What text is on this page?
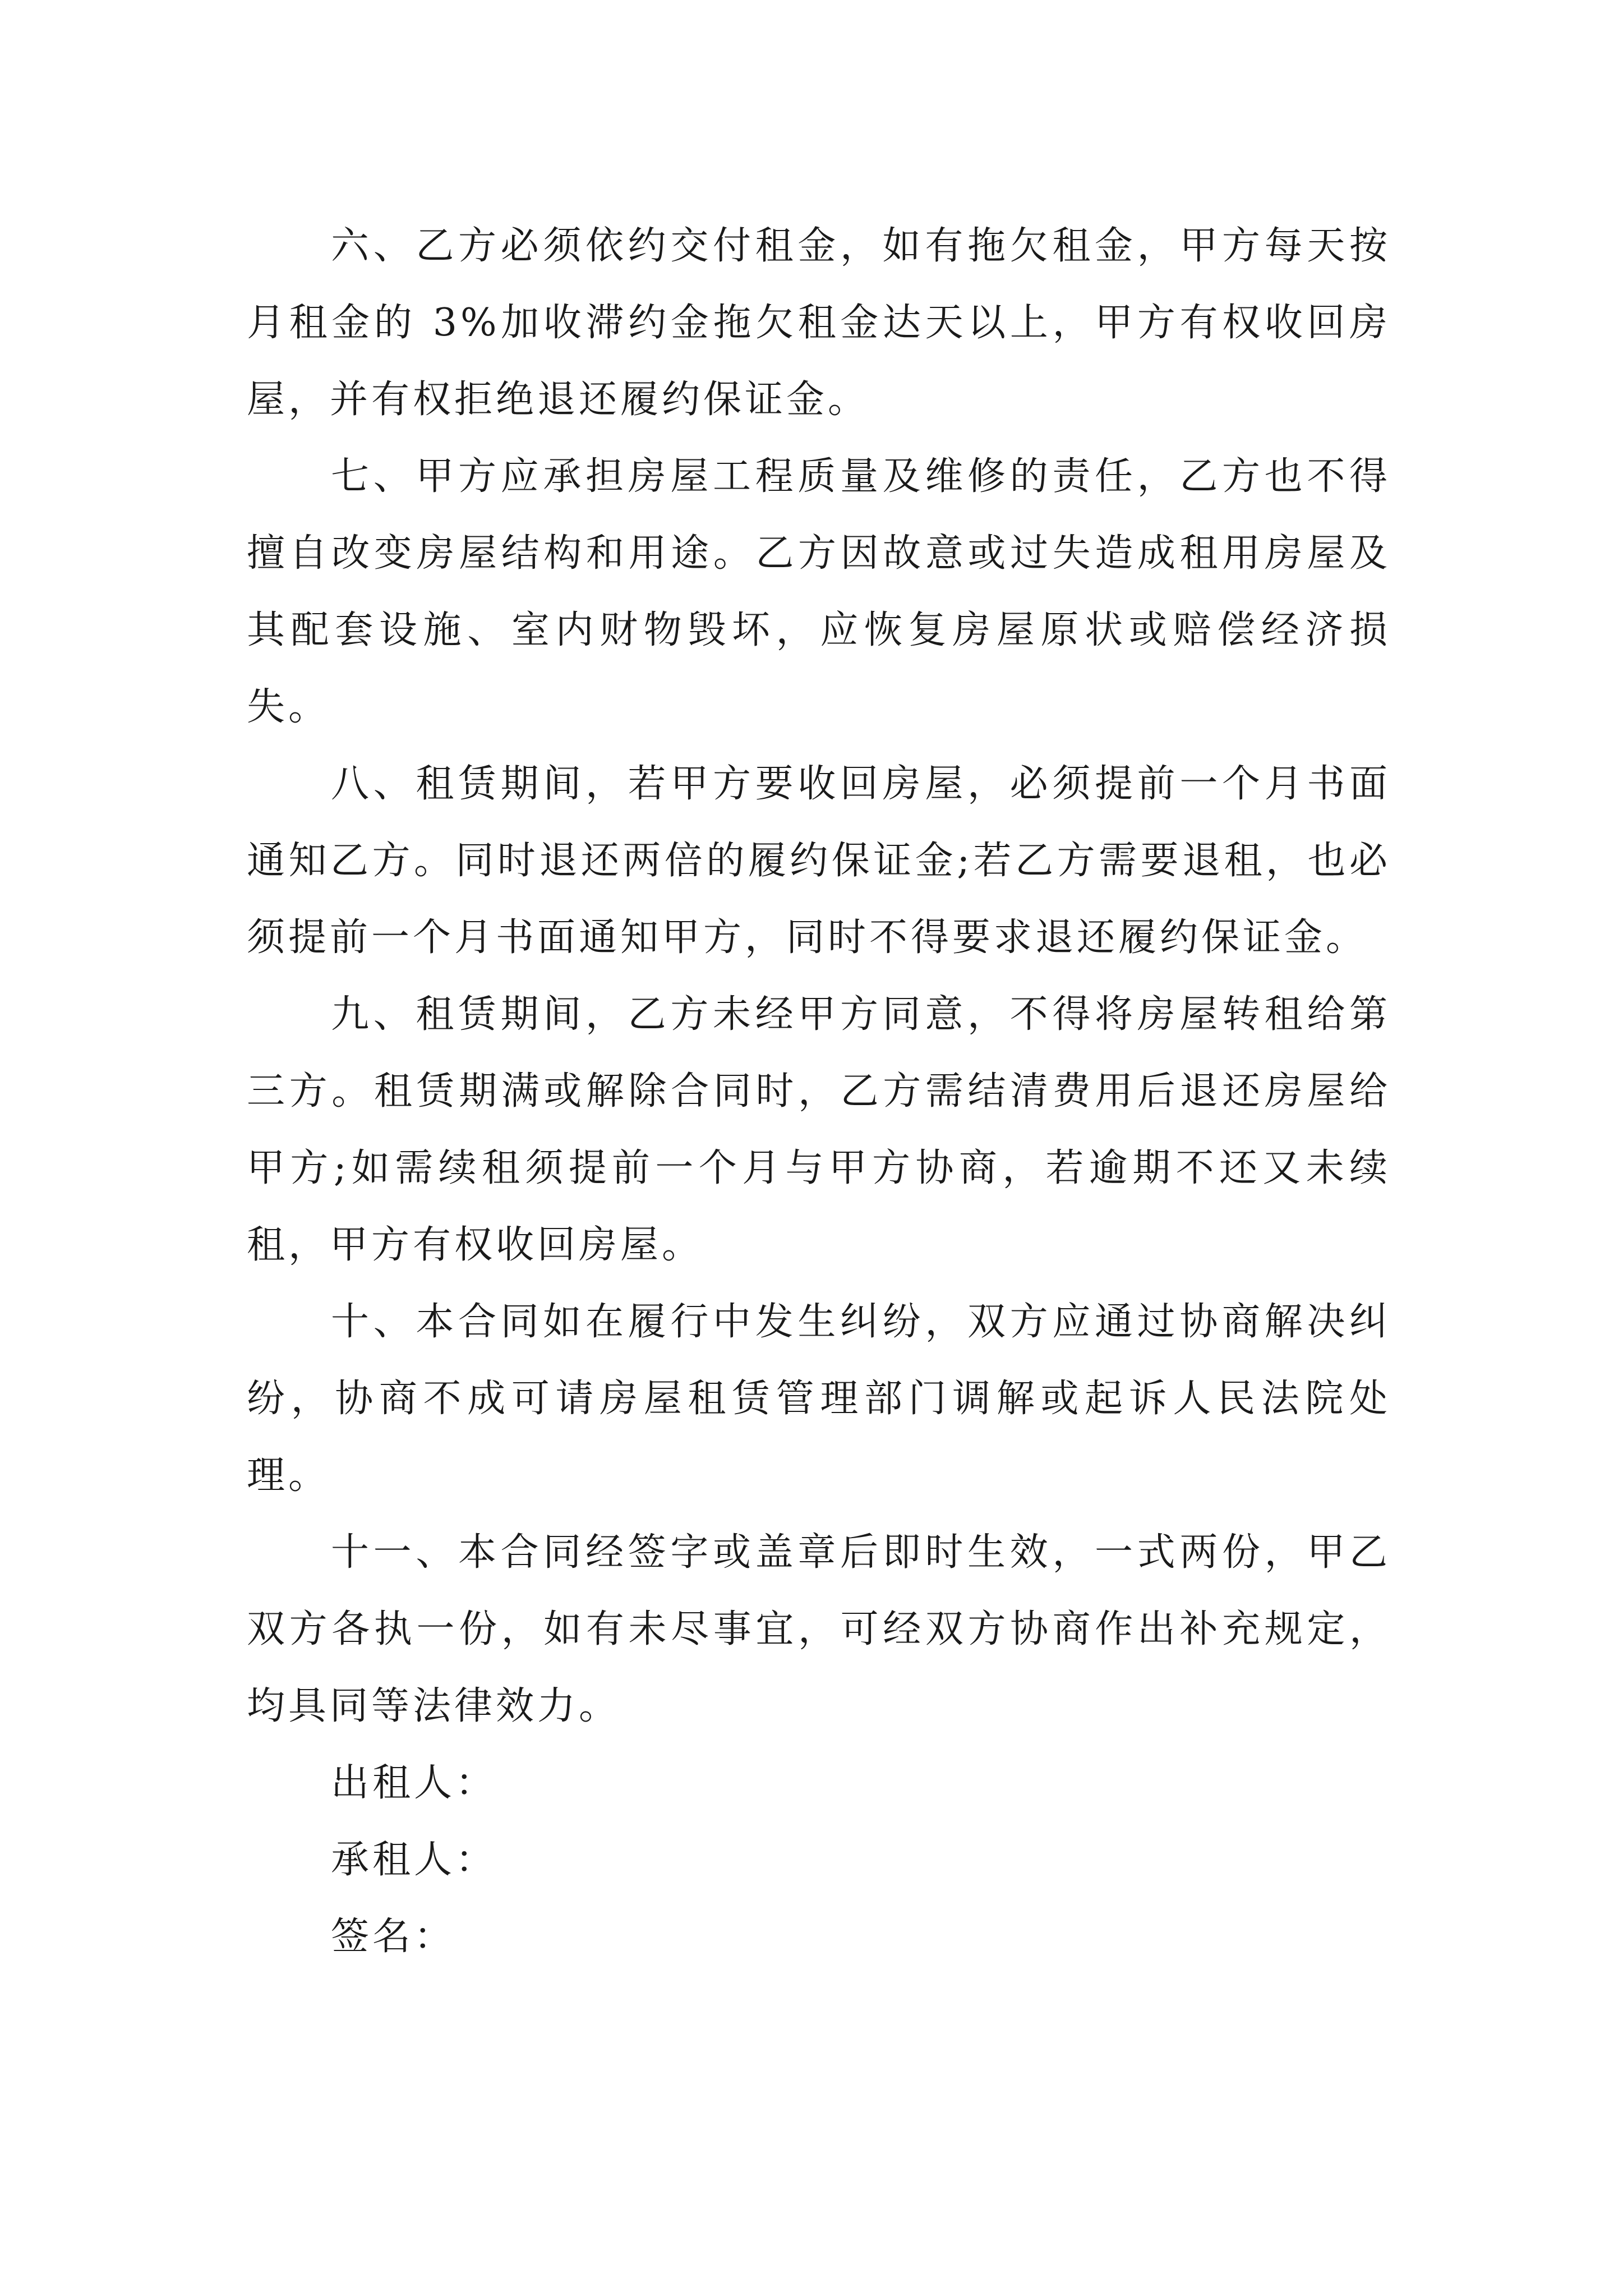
六、乙方必须依约交付租金，如有拖欠租金，甲方每天按月租金的 3%加收滞约金拖欠租金达天以上，甲方有权收回房屋，并有权拒绝退还履约保证金。

七、甲方应承担房屋工程质量及维修的责任，乙方也不得擅自改变房屋结构和用途。乙方因故意或过失造成租用房屋及其配套设施、室内财物毁坏，应恢复房屋原状或赔偿经济损失。

八、租赁期间，若甲方要收回房屋，必须提前一个月书面通知乙方。同时退还两倍的履约保证金;若乙方需要退租，也必须提前一个月书面通知甲方，同时不得要求退还履约保证金。

九、租赁期间，乙方未经甲方同意，不得将房屋转租给第三方。租赁期满或解除合同时，乙方需结清费用后退还房屋给甲方;如需续租须提前一个月与甲方协商，若逾期不还又未续租，甲方有权收回房屋。

十、本合同如在履行中发生纠纷，双方应通过协商解决纠纷，协商不成可请房屋租赁管理部门调解或起诉人民法院处理。

十一、本合同经签字或盖章后即时生效，一式两份，甲乙双方各执一份，如有未尽事宜，可经双方协商作出补充规定，均具同等法律效力。

出租人：

承租人：

签名：
